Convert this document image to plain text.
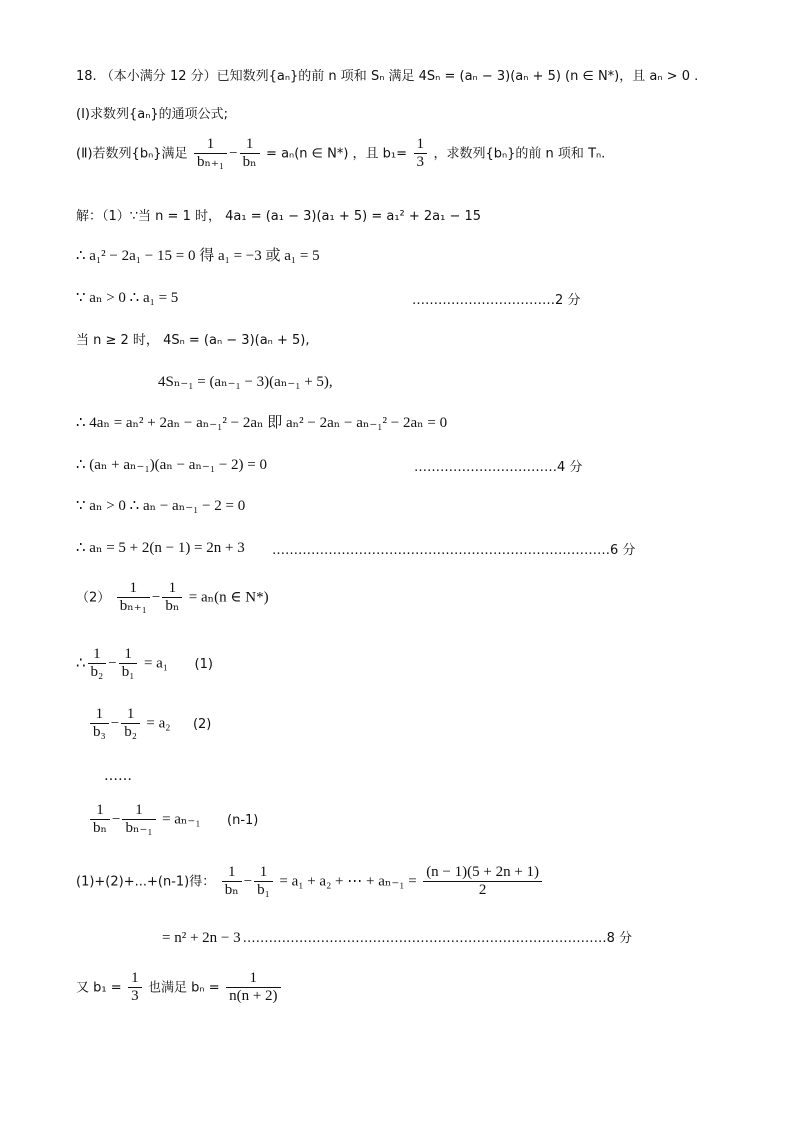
18. （本小满分 12 分）已知数列{aₙ}的前 n 项和 Sₙ 满足 4Sₙ = (aₙ − 3)(aₙ + 5) (n ∈ N*)，且 aₙ > 0 .
(Ⅰ)求数列{aₙ}的通项公式;
(Ⅱ)若数列{bₙ}满足 $\frac{1}{\text{bₙ₊₁}} - \frac{1}{\text{bₙ}} = a_n(n$ ∈ N*) ，且 $b_1= \frac{1}{3}$ ，求数列{bₙ}的前 n 项和 Tₙ.
解：（1）∵当 n = 1 时， 4a₁ = (a₁ − 3)(a₁ + 5) = a₁² + 2a₁ − 15
∴ a₁² − 2a₁ − 15 = 0 得 a₁ = −3 或 a₁ = 5
∵ aₙ > 0 ∴ a₁ = 5	……………………………2 分
当 n ≥ 2 时， 4Sₙ = (aₙ − 3)(aₙ + 5),
4Sₙ₋₁ = (aₙ₋₁ − 3)(aₙ₋₁ + 5),
∴ 4aₙ = aₙ² + 2aₙ − aₙ₋₁² − 2aₙ 即 aₙ² − 2aₙ − aₙ₋₁² − 2aₙ = 0
∴ (aₙ + aₙ₋₁)(aₙ − aₙ₋₁ − 2) = 0	……………………………4 分
∵ aₙ > 0 ∴ aₙ − aₙ₋₁ − 2 = 0
∴ aₙ = 5 + 2(n − 1) = 2n + 3 ……………………………………………………………………6 分
$(2) \frac{1}{\text{bₙ₊₁}} - \frac{1}{\text{bₙ}} = a_n(n$ ∈ N*)
∴ $\frac{1}{\text{b₂}} - \frac{1}{\text{b₁}} = a_1$ (1)
$\frac{1}{\text{b₃}} - \frac{1}{\text{b₂}} = a_2$ (2)
……
$\frac{1}{\text{bₙ}} - \frac{1}{\text{bₙ₋₁}} = a_{n-1}$ (n-1)
(1)+(2)+...+(n-1)得： $\frac{1}{\text{bₙ}} - \frac{1}{\text{b₁}} = a_1 + a_2$ + ⋯ + $a_{n-1} = \frac{(n - 1)(5 + 2n + 1)}{2}$
= n² + 2n − 3 …………………………………………………………………………8 分
又 $b_1 = \frac{1}{3}$ 也满足 $b_n = \frac{1}{n(n + 2)}$
